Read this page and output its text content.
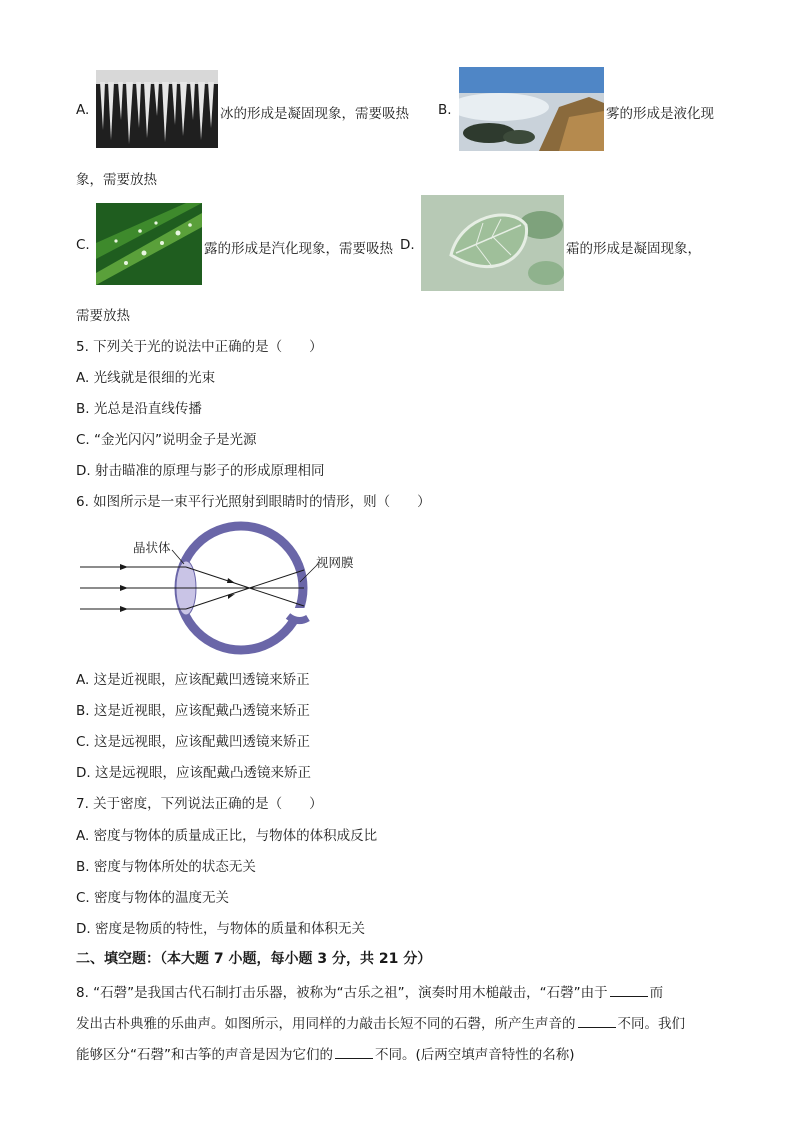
A.	冰的形成是凝固现象，需要吸热 B.	雾的形成是液化现
象，需要放热
C.	露的形成是汽化现象，需要吸热 D.	霜的形成是凝固现象，
需要放热
5. 下列关于光的说法中正确的是（　　）
A. 光线就是很细的光束
B. 光总是沿直线传播
C. “金光闪闪”说明金子是光源
D. 射击瞄准的原理与影子的形成原理相同
6. 如图所示是一束平行光照射到眼睛时的情形，则（　　）
晶状体
视网膜
A. 这是近视眼，应该配戴凹透镜来矫正
B. 这是近视眼，应该配戴凸透镜来矫正
C. 这是远视眼，应该配戴凹透镜来矫正
D. 这是远视眼，应该配戴凸透镜来矫正
7. 关于密度，下列说法正确的是（　　）
A. 密度与物体的质量成正比，与物体的体积成反比
B. 密度与物体所处的状态无关
C. 密度与物体的温度无关
D. 密度是物质的特性，与物体的质量和体积无关
二、填空题：（本大题 7 小题，每小题 3 分，共 21 分）
8. “石磬”是我国古代石制打击乐器，被称为“古乐之祖”，演奏时用木槌敲击，“石磬”由于	而
发出古朴典雅的乐曲声。如图所示，用同样的力敲击长短不同的石磬，所产生声音的	不同。我们
能够区分“石磬”和古筝的声音是因为它们的	不同。(后两空填声音特性的名称)
